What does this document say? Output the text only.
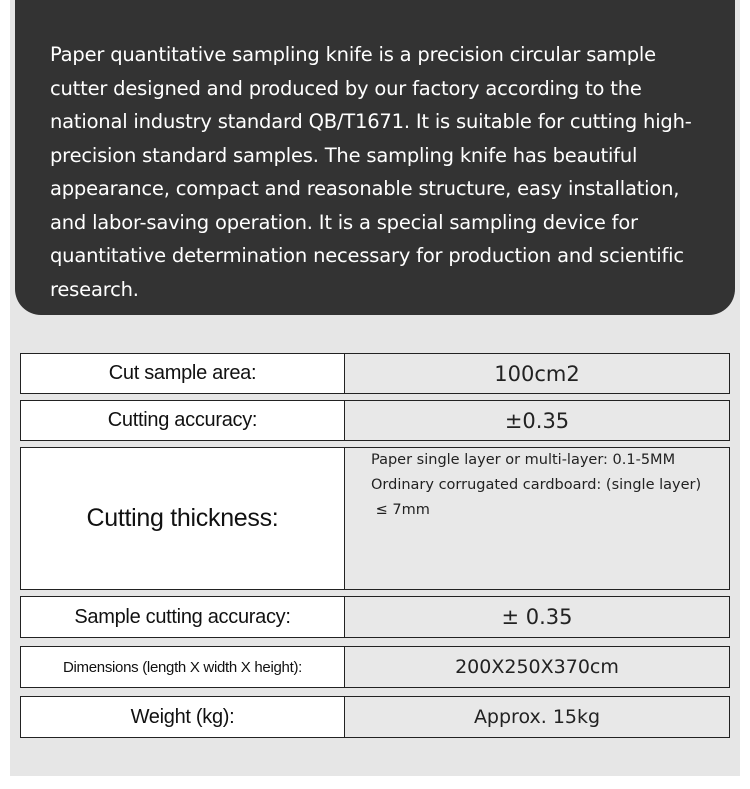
Paper quantitative sampling knife is a precision circular sample cutter designed and produced by our factory according to the national industry standard QB/T1671. It is suitable for cutting high-precision standard samples. The sampling knife has beautiful appearance, compact and reasonable structure, easy installation, and labor-saving operation. It is a special sampling device for quantitative determination necessary for production and scientific research.
Cut sample area:	100cm2
Cutting accuracy:	±0.35
Cutting thickness:
Paper single layer or multi-layer: 0.1-5MM
Ordinary corrugated cardboard: (single layer)
≤ 7mm
Sample cutting accuracy:	± 0.35
Dimensions (length X width X height):	200X250X370cm
Weight (kg):	Approx. 15kg
